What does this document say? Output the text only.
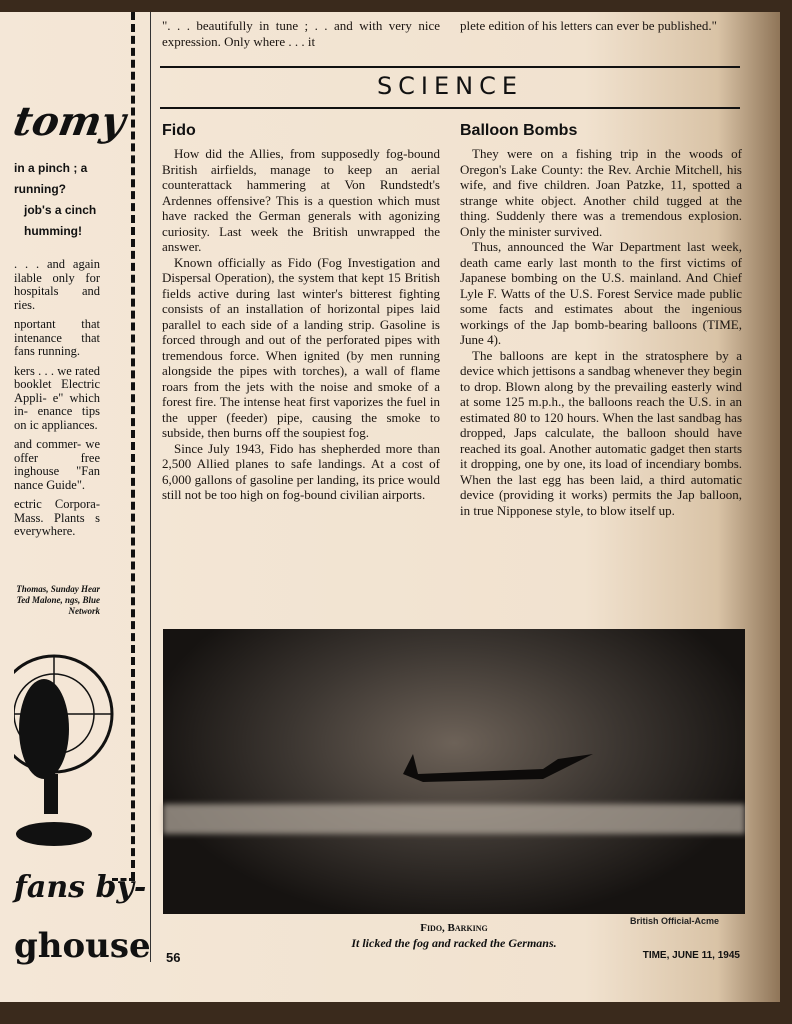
tomy
in a pinch ; a
running?
job's a cinch
humming!

. . . and again ilable only for hospitals and ries.

nportant that intenance that fans running.

kers . . . we rated booklet Electric Appli- e" which in- enance tips on ic appliances.

and commer- we offer free inghouse "Fan nance Guide".

ectric Corpora- Mass. Plants s everywhere.

Thomas, Sunday Hear Ted Malone, ngs, Blue Network
fans by-
ghouse
". . . beautifully in tune ; . . and with very nice expression. Only where . . . it
plete edition of his letters can ever be published."
SCIENCE
Fido

How did the Allies, from supposedly fog-bound British airfields, manage to keep an aerial counterattack hammering at Von Rundstedt's Ardennes offensive? This is a question which must have racked the German generals with agonizing curiosity. Last week the British unwrapped the answer.

Known officially as Fido (Fog Investigation and Dispersal Operation), the system that kept 15 British fields active during last winter's bitterest fighting consists of an installation of horizontal pipes laid parallel to each side of a landing strip. Gasoline is forced through and out of the perforated pipes with tremendous force. When ignited (by men running alongside the pipes with torches), a wall of flame roars from the jets with the noise and smoke of a forest fire. The intense heat first vaporizes the fuel in the upper (feeder) pipe, causing the smoke to subside, then burns off the soupiest fog.

Since July 1943, Fido has shepherded more than 2,500 Allied planes to safe landings. At a cost of 6,000 gallons of gasoline per landing, its price would still not be too high on fog-bound civilian airports.

Balloon Bombs

They were on a fishing trip in the woods of Oregon's Lake County: the Rev. Archie Mitchell, his wife, and five children. Joan Patzke, 11, spotted a strange white object. Another child tugged at the thing. Suddenly there was a tremendous explosion. Only the minister survived.

Thus, announced the War Department last week, death came early last month to the first victims of Japanese bombing on the U.S. mainland. And Chief Lyle F. Watts of the U.S. Forest Service made public some facts and estimates about the ingenious workings of the Jap bomb-bearing balloons (TIME, June 4).

The balloons are kept in the stratosphere by a device which jettisons a sandbag whenever they begin to drop. Blown along by the prevailing easterly wind at some 125 m.p.h., the balloons reach the U.S. in an estimated 80 to 120 hours. When the last sandbag has dropped, Japs calculate, the balloon should have reached its goal. Another automatic gadget then starts it dropping, one by one, its load of incendiary bombs. When the last egg has been laid, a third automatic device (providing it works) permits the Jap balloon, in true Nipponese style, to blow itself up.

British Official-Acme
Fido, Barking
It licked the fog and racked the Germans.
56	TIME, JUNE 11, 1945
